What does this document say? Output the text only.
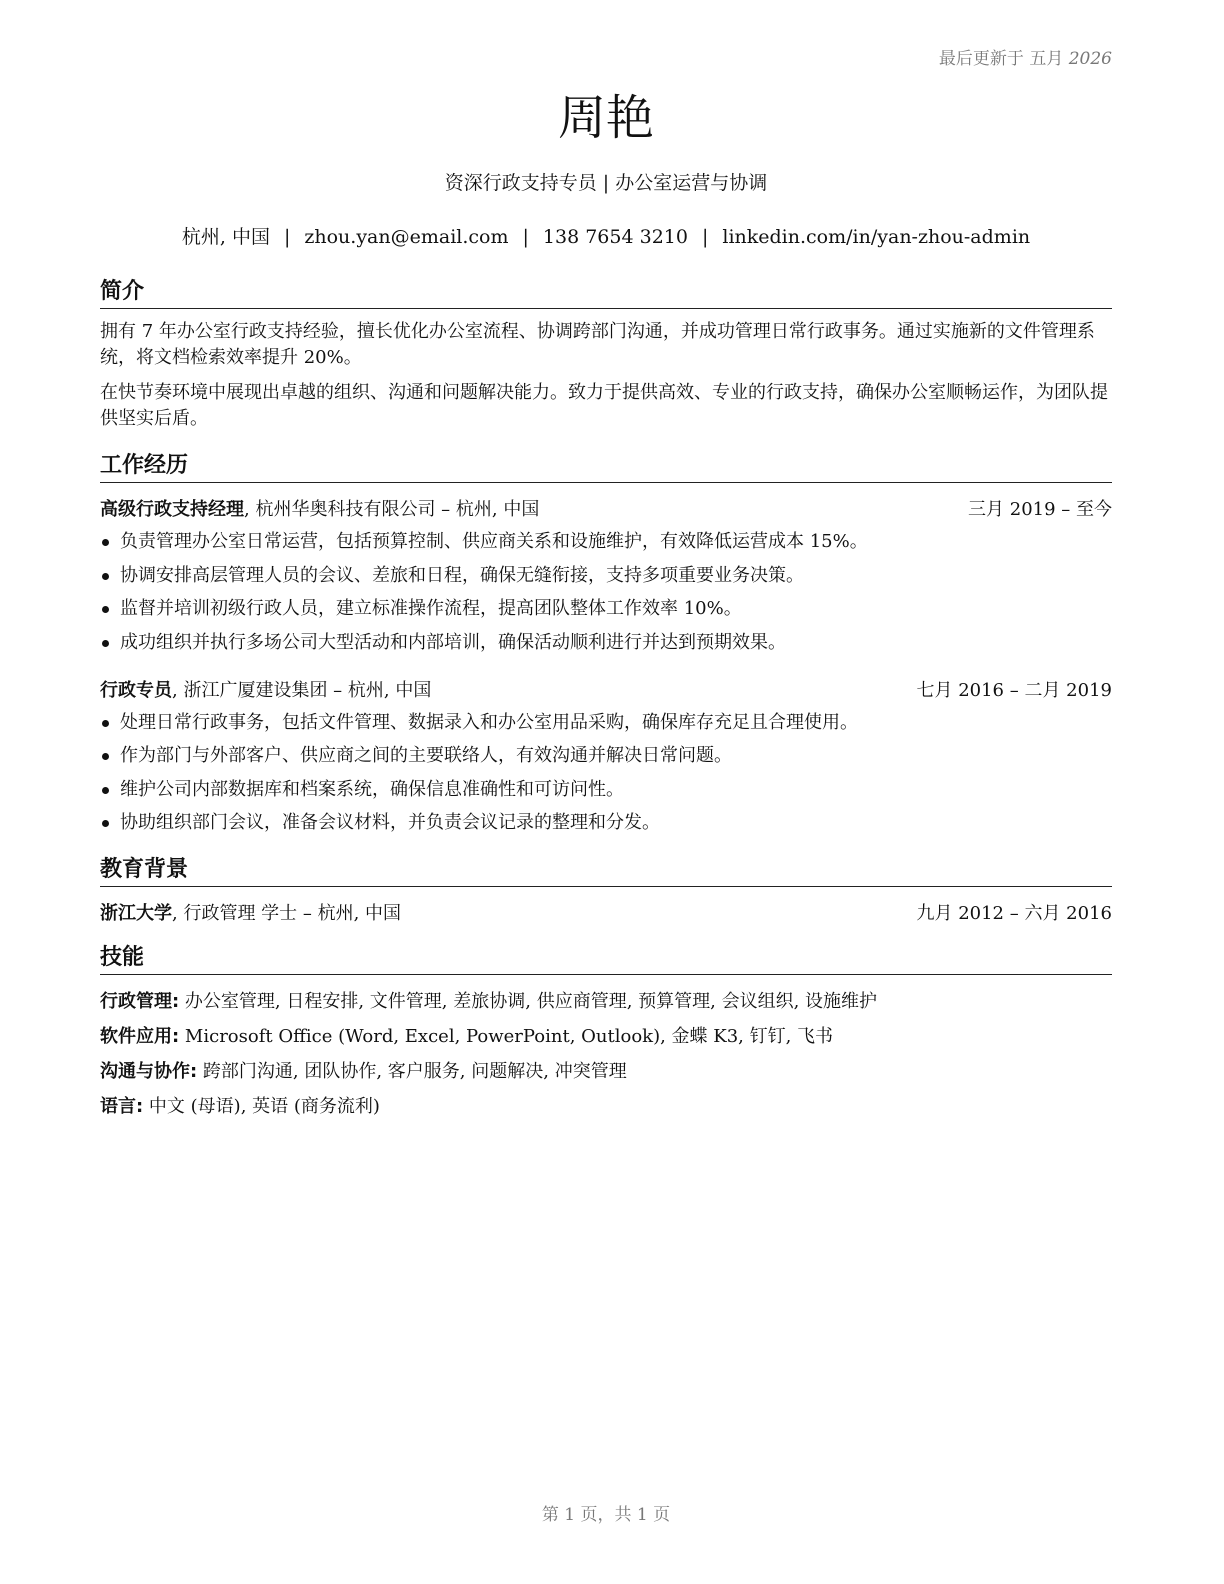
最后更新于 五月 2026
周艳
资深行政支持专员 | 办公室运营与协调
杭州, 中国 | zhou.yan@email.com | 138 7654 3210 | linkedin.com/in/yan-zhou-admin
简介
拥有 7 年办公室行政支持经验，擅长优化办公室流程、协调跨部门沟通，并成功管理日常行政事务。通过实施新的文件管理系统，将文档检索效率提升 20%。
在快节奏环境中展现出卓越的组织、沟通和问题解决能力。致力于提供高效、专业的行政支持，确保办公室顺畅运作，为团队提供坚实后盾。
工作经历
高级行政支持经理, 杭州华奥科技有限公司 – 杭州, 中国	三月 2019 – 至今
负责管理办公室日常运营，包括预算控制、供应商关系和设施维护，有效降低运营成本 15%。
协调安排高层管理人员的会议、差旅和日程，确保无缝衔接，支持多项重要业务决策。
监督并培训初级行政人员，建立标准操作流程，提高团队整体工作效率 10%。
成功组织并执行多场公司大型活动和内部培训，确保活动顺利进行并达到预期效果。
行政专员, 浙江广厦建设集团 – 杭州, 中国	七月 2016 – 二月 2019
处理日常行政事务，包括文件管理、数据录入和办公室用品采购，确保库存充足且合理使用。
作为部门与外部客户、供应商之间的主要联络人，有效沟通并解决日常问题。
维护公司内部数据库和档案系统，确保信息准确性和可访问性。
协助组织部门会议，准备会议材料，并负责会议记录的整理和分发。
教育背景
浙江大学, 行政管理 学士 – 杭州, 中国	九月 2012 – 六月 2016
技能
行政管理: 办公室管理, 日程安排, 文件管理, 差旅协调, 供应商管理, 预算管理, 会议组织, 设施维护
软件应用: Microsoft Office (Word, Excel, PowerPoint, Outlook), 金蝶 K3, 钉钉, 飞书
沟通与协作: 跨部门沟通, 团队协作, 客户服务, 问题解决, 冲突管理
语言: 中文 (母语), 英语 (商务流利)
第 1 页，共 1 页
